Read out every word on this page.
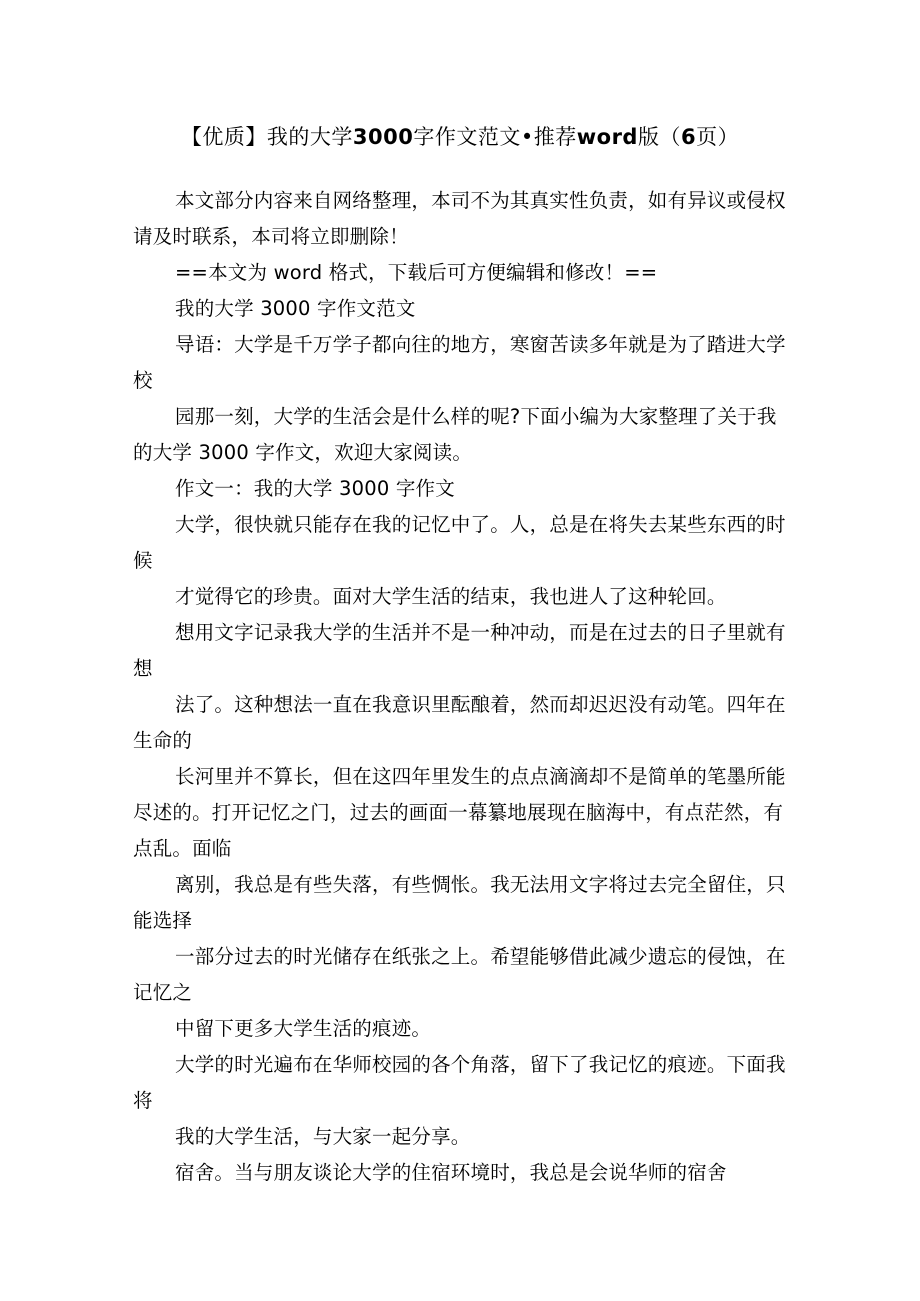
【优质】我的大学3000字作文范文•推荐word版（6页）
本文部分内容来自网络整理，本司不为其真实性负责，如有异议或侵权
请及时联系，本司将立即删除！
==本文为 word 格式，下载后可方便编辑和修改！==
我的大学 3000 字作文范文
导语：大学是千万学子都向往的地方，寒窗苦读多年就是为了踏进大学
校
园那一刻，大学的生活会是什么样的呢?下面小编为大家整理了关于我
的大学 3000 字作文，欢迎大家阅读。
作文一：我的大学 3000 字作文
大学，很快就只能存在我的记忆中了。人，总是在将失去某些东西的时
候
才觉得它的珍贵。面对大学生活的结束，我也进人了这种轮回。
想用文字记录我大学的生活并不是一种冲动，而是在过去的日子里就有
想
法了。这种想法一直在我意识里酝酿着，然而却迟迟没有动笔。四年在
生命的
长河里并不算长，但在这四年里发生的点点滴滴却不是简单的笔墨所能
尽述的。打开记忆之门，过去的画面一幕纂地展现在脑海中，有点茫然，有
点乱。面临
离别，我总是有些失落，有些惆怅。我无法用文字将过去完全留住，只
能选择
一部分过去的时光储存在纸张之上。希望能够借此减少遗忘的侵蚀，在
记忆之
中留下更多大学生活的痕迹。
大学的时光遍布在华师校园的各个角落，留下了我记忆的痕迹。下面我
将
我的大学生活，与大家一起分享。
宿舍。当与朋友谈论大学的住宿环境时，我总是会说华师的宿舍
